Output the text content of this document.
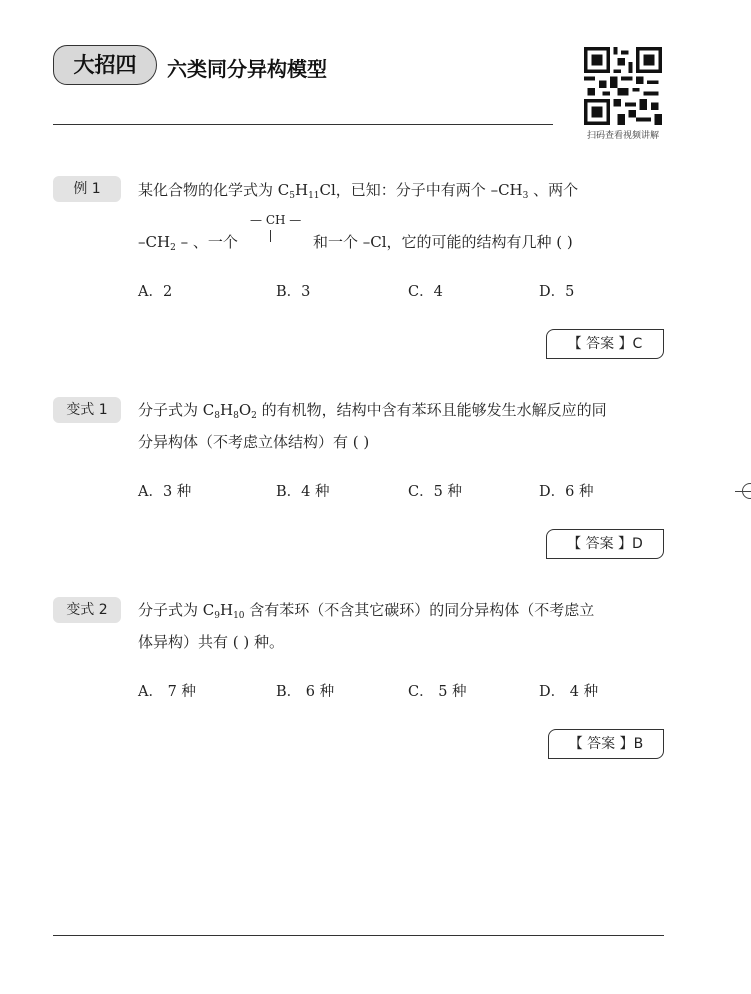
大招四	六类同分异构模型
扫码查看视频讲解
例 1	某化合物的化学式为 $C_5H_{11}Cl$，已知：分子中有两个 $-CH_3$ 、两个
— CH —
$-CH_2$ – 、一个	和一个 –Cl，它的可能的结构有几种 ( )
A．2	B．3	C．4	D．5
【 答案 】C
变式 1	分子式为 $C_8H_8O_2$ 的有机物，结构中含有苯环且能够发生水解反应的同
分异构体（不考虑立体结构）有 ( )
A．3 种	B．4 种	C．5 种	D．6 种
【 答案 】D
变式 2	分子式为 $C_9H_{10}$ 含有苯环（不含其它碳环）的同分异构体（不考虑立
体异构）共有 ( ) 种。
A． 7 种	B． 6 种	C． 5 种	D． 4 种
【 答案 】B
